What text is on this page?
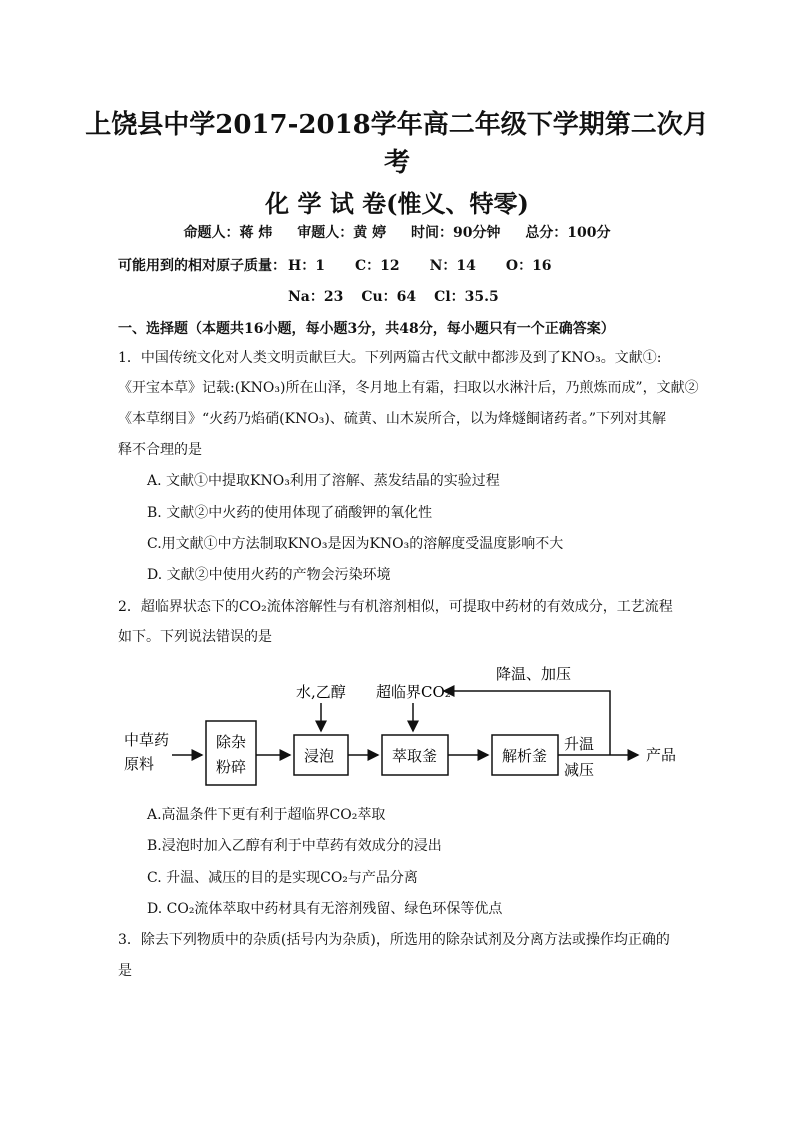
上饶县中学2017-2018学年高二年级下学期第二次月
考
化 学 试 卷(惟义、特零)
命题人：蒋 炜 审题人：黄 婷 时间：90分钟 总分：100分
可能用到的相对原子质量： H：1 C：12 N：14 O：16
Na：23 Cu：64 Cl：35.5
一、选择题（本题共16小题，每小题3分，共48分，每小题只有一个正确答案）
1．中国传统文化对人类文明贡献巨大。下列两篇古代文献中都涉及到了KNO₃。文献①:
《开宝本草》记载:(KNO₃)所在山泽，冬月地上有霜，扫取以水淋汁后，乃煎炼而成”，文献②
《本草纲目》“火药乃焰硝(KNO₃)、硫黄、山木炭所合，以为烽燧餇诸药者。”下列对其解
释不合理的是
A. 文献①中提取KNO₃利用了溶解、蒸发结晶的实验过程
B. 文献②中火药的使用体现了硝酸钾的氧化性
C.用文献①中方法制取KNO₃是因为KNO₃的溶解度受温度影响不大
D. 文献②中使用火药的产物会污染环境
2．超临界状态下的CO₂流体溶解性与有机溶剂相似，可提取中药材的有效成分，工艺流程
如下。下列说法错误的是
中草药
原料
除杂
粉碎
浸泡
水,乙醇
萃取釜
超临界CO₂
解析釜
升温
减压
产品
降温、加压
A.高温条件下更有利于超临界CO₂萃取
B.浸泡时加入乙醇有利于中草药有效成分的浸出
C. 升温、减压的目的是实现CO₂与产品分离
D. CO₂流体萃取中药材具有无溶剂残留、绿色环保等优点
3．除去下列物质中的杂质(括号内为杂质)，所选用的除杂试剂及分离方法或操作均正确的
是
